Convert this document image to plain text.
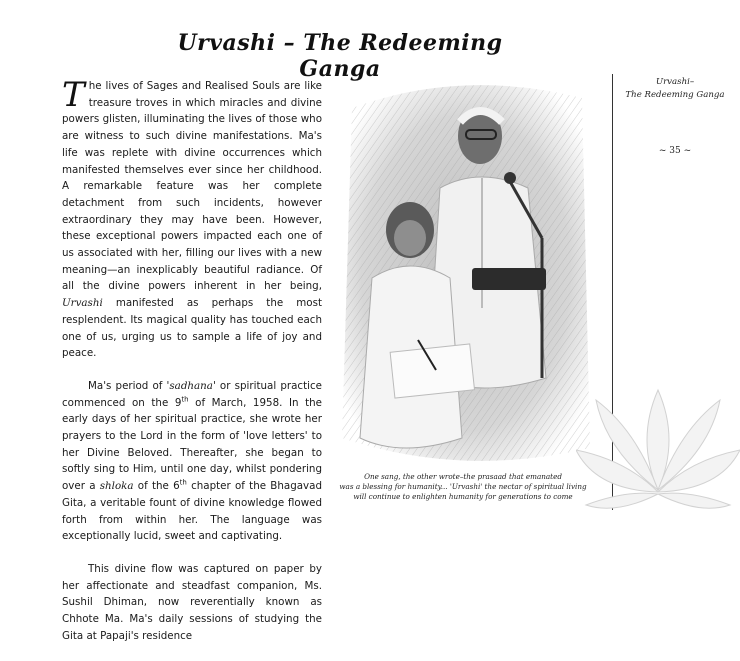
Urvashi – The Redeeming Ganga

The lives of Sages and Realised Souls are like treasure troves in which miracles and divine powers glisten, illuminating the lives of those who are witness to such divine manifestations. Ma's life was replete with divine occurrences which manifested themselves ever since her childhood. A remarkable feature was her complete detachment from such incidents, however extraordinary they may have been. However, these exceptional powers impacted each one of us associated with her, filling our lives with a new meaning—an inexplicably beautiful radiance. Of all the divine powers inherent in her being, Urvashi manifested as perhaps the most resplendent. Its magical quality has touched each one of us, urging us to sample a life of joy and peace.

Ma's period of 'sadhana' or spiritual practice commenced on the 9th of March, 1958. In the early days of her spiritual practice, she wrote her prayers to the Lord in the form of 'love letters' to her Divine Beloved. Thereafter, she began to softly sing to Him, until one day, whilst pondering over a shloka of the 6th chapter of the Bhagavad Gita, a veritable fount of divine knowledge flowed forth from within her. The language was exceptionally lucid, sweet and captivating.

This divine flow was captured on paper by her affectionate and steadfast companion, Ms. Sushil Dhiman, now reverentially known as Chhote Ma. Ma's daily sessions of studying the Gita at Papaji's residence

One sang, the other wrote–the prasaad that emanated
was a blessing for humanity... 'Urvashi' the nectar of spiritual living
will continue to enlighten humanity for generations to come
Urvashi–
The Redeeming Ganga
~ 35 ~
